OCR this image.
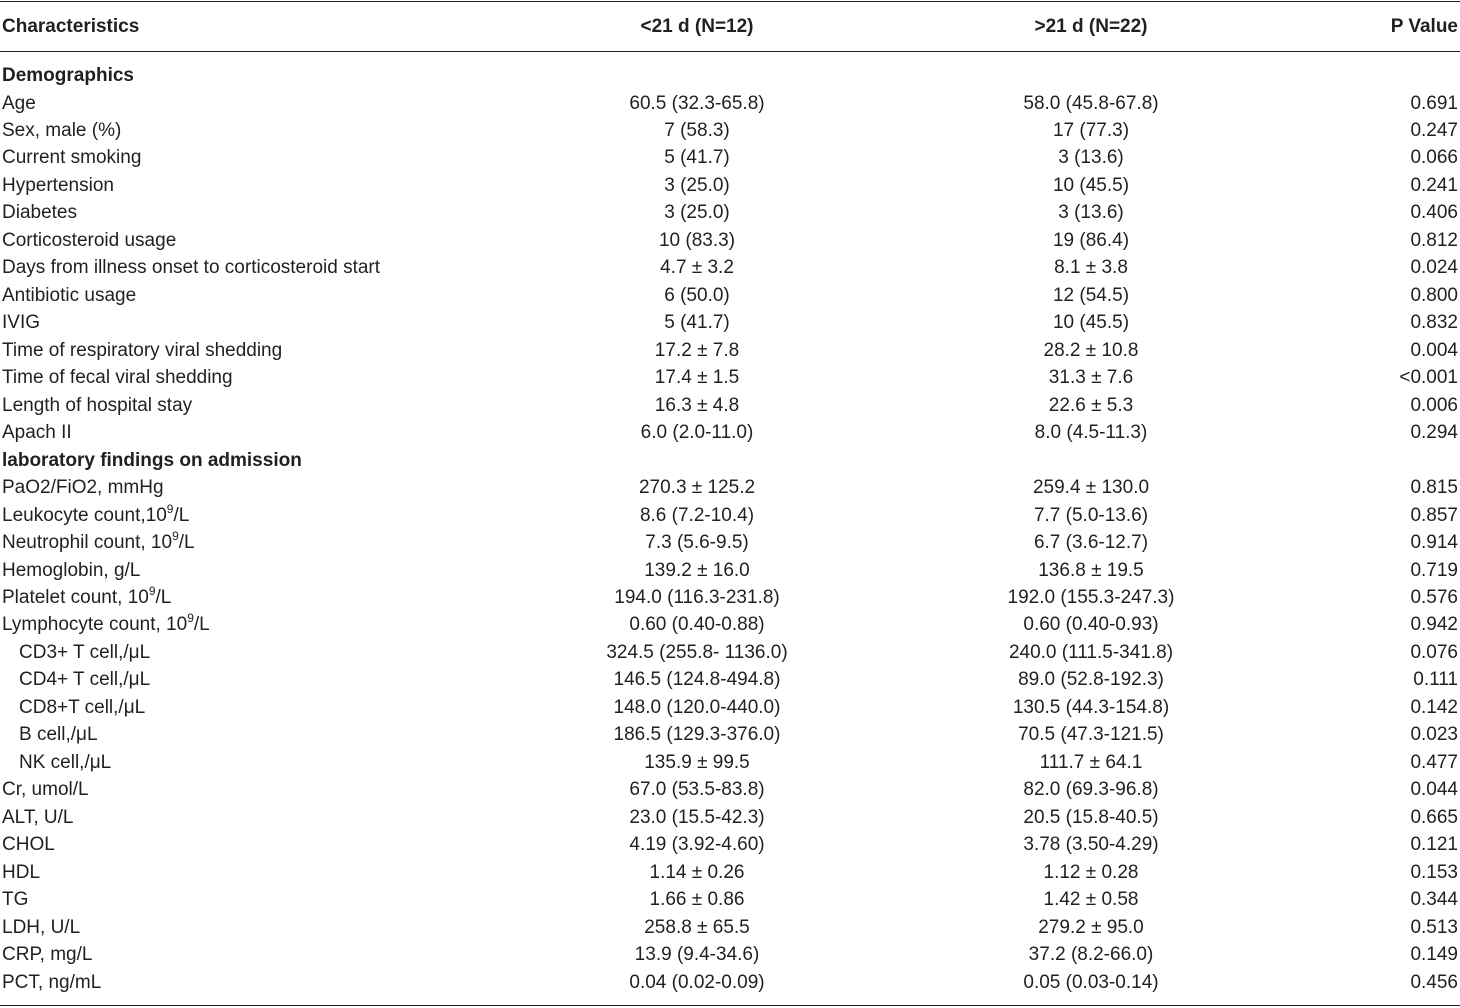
Characteristics	<21 d (N=12)	>21 d (N=22)	P Value
Demographics
Age	60.5 (32.3-65.8)	58.0 (45.8-67.8)	0.691
Sex, male (%)	7 (58.3)	17 (77.3)	0.247
Current smoking	5 (41.7)	3 (13.6)	0.066
Hypertension	3 (25.0)	10 (45.5)	0.241
Diabetes	3 (25.0)	3 (13.6)	0.406
Corticosteroid usage	10 (83.3)	19 (86.4)	0.812
Days from illness onset to corticosteroid start	4.7 ± 3.2	8.1 ± 3.8	0.024
Antibiotic usage	6 (50.0)	12 (54.5)	0.800
IVIG	5 (41.7)	10 (45.5)	0.832
Time of respiratory viral shedding	17.2 ± 7.8	28.2 ± 10.8	0.004
Time of fecal viral shedding	17.4 ± 1.5	31.3 ± 7.6	<0.001
Length of hospital stay	16.3 ± 4.8	22.6 ± 5.3	0.006
Apach II	6.0 (2.0-11.0)	8.0 (4.5-11.3)	0.294
laboratory findings on admission
PaO2/FiO2, mmHg	270.3 ± 125.2	259.4 ± 130.0	0.815
Leukocyte $count,10^9/L$	8.6 (7.2-10.4)	7.7 (5.0-13.6)	0.857
Neutrophil count, $10^9/L$	7.3 (5.6-9.5)	6.7 (3.6-12.7)	0.914
Hemoglobin, g/L	139.2 ± 16.0	136.8 ± 19.5	0.719
Platelet count, $10^9/L$	194.0 (116.3-231.8)	192.0 (155.3-247.3)	0.576
Lymphocyte count, $10^9/L$	0.60 (0.40-0.88)	0.60 (0.40-0.93)	0.942
CD3+ T cell,/μL	324.5 (255.8- 1136.0)	240.0 (111.5-341.8)	0.076
CD4+ T cell,/μL	146.5 (124.8-494.8)	89.0 (52.8-192.3)	0.111
CD8+T cell,/μL	148.0 (120.0-440.0)	130.5 (44.3-154.8)	0.142
B cell,/μL	186.5 (129.3-376.0)	70.5 (47.3-121.5)	0.023
NK cell,/μL	135.9 ± 99.5	111.7 ± 64.1	0.477
Cr, umol/L	67.0 (53.5-83.8)	82.0 (69.3-96.8)	0.044
ALT, U/L	23.0 (15.5-42.3)	20.5 (15.8-40.5)	0.665
CHOL	4.19 (3.92-4.60)	3.78 (3.50-4.29)	0.121
HDL	1.14 ± 0.26	1.12 ± 0.28	0.153
TG	1.66 ± 0.86	1.42 ± 0.58	0.344
LDH, U/L	258.8 ± 65.5	279.2 ± 95.0	0.513
CRP, mg/L	13.9 (9.4-34.6)	37.2 (8.2-66.0)	0.149
PCT, ng/mL	0.04 (0.02-0.09)	0.05 (0.03-0.14)	0.456
